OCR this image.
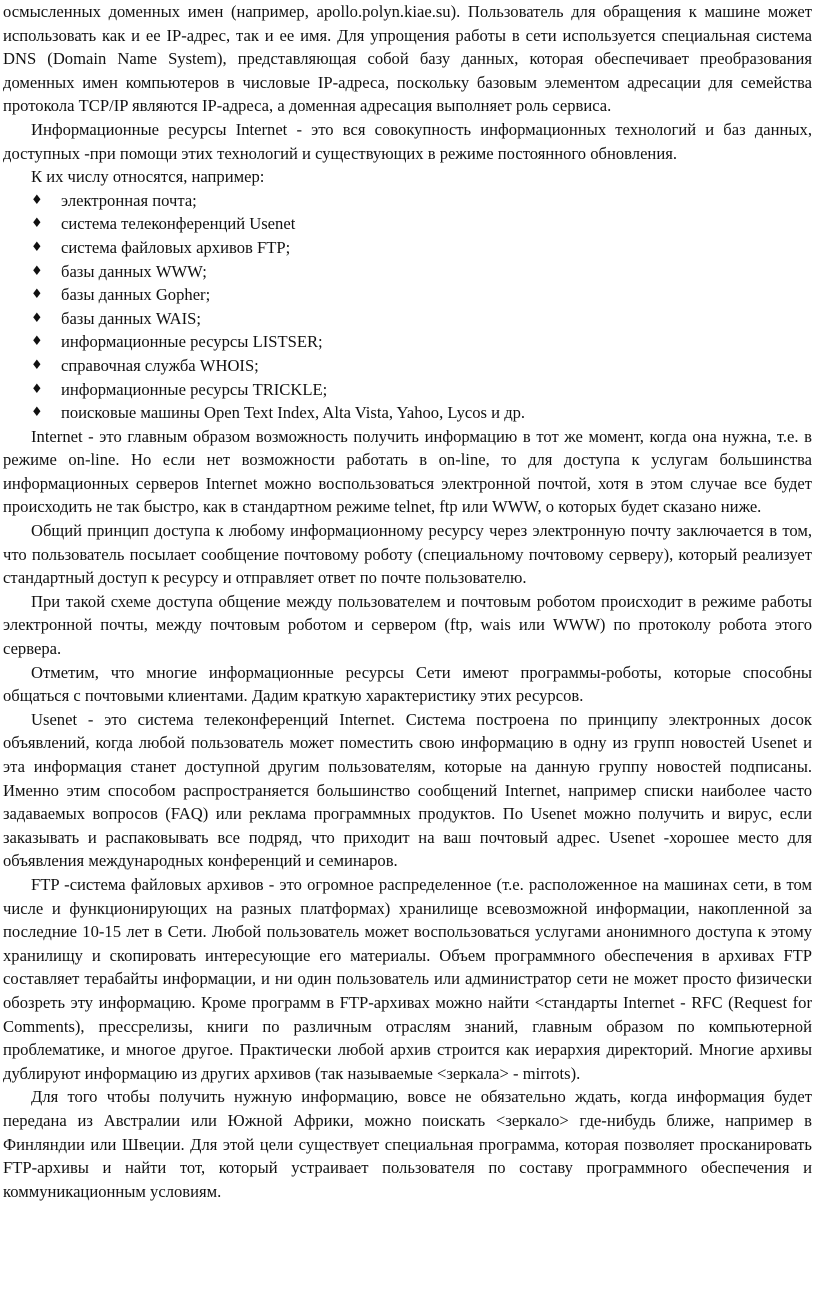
осмысленных доменных имен (например, apollo.polyn.kiae.su). Пользователь для обращения к машине может использовать как и ее IP-адрес, так и ее имя. Для упрощения работы в сети используется специальная система DNS (Domain Name System), представляющая собой базу данных, которая обеспечивает преобразования доменных имен компьютеров в числовые IP-адреса, поскольку базовым элементом адресации для семейства протокола TCP/IP являются IP-адреса, а доменная адресация выполняет роль сервиса.

Информационные ресурсы Internet - это вся совокупность информационных технологий и баз данных, доступных -при помощи этих технологий и существующих в режиме постоянного обновления.

К их числу относятся, например:

♦ электронная почта;
♦ система телеконференций Usenet
♦ система файловых архивов FTP;
♦ базы данных WWW;
♦ базы данных Gopher;
♦ базы данных WAIS;
♦ информационные ресурсы LISTSER;
♦ справочная служба WHOIS;
♦ информационные ресурсы TRICKLE;
♦ поисковые машины Open Text Index, Alta Vista, Yahoo, Lycos и др.

Internet - это главным образом возможность получить информацию в тот же момент, когда она нужна, т.е. в режиме on-line. Но если нет возможности работать в on-line, то для доступа к услугам большинства информационных серверов Internet можно воспользоваться электронной почтой, хотя в этом случае все будет происходить не так быстро, как в стандартном режиме telnet, ftp или WWW, о которых будет сказано ниже.

Общий принцип доступа к любому информационному ресурсу через электронную почту заключается в том, что пользователь посылает сообщение почтовому роботу (специальному почтовому серверу), который реализует стандартный доступ к ресурсу и отправляет ответ по почте пользователю.

При такой схеме доступа общение между пользователем и почтовым роботом происходит в режиме работы электронной почты, между почтовым роботом и сервером (ftp, wais или WWW) по протоколу робота этого сервера.

Отметим, что многие информационные ресурсы Сети имеют программы-роботы, которые способны общаться с почтовыми клиентами. Дадим краткую характеристику этих ресурсов.

Usenet - это система телеконференций Internet. Система построена по принципу электронных досок объявлений, когда любой пользователь может поместить свою информацию в одну из групп новостей Usenet и эта информация станет доступной другим пользователям, которые на данную группу новостей подписаны. Именно этим способом распространяется большинство сообщений Internet, например списки наиболее часто задаваемых вопросов (FAQ) или реклама программных продуктов. По Usenet можно получить и вирус, если заказывать и распаковывать все подряд, что приходит на ваш почтовый адрес. Usenet -хорошее место для объявления международных конференций и семинаров.

FTP -система файловых архивов - это огромное распределенное (т.е. расположенное на машинах сети, в том числе и функционирующих на разных платформах) хранилище всевозможной информации, накопленной за последние 10-15 лет в Сети. Любой пользователь может воспользоваться услугами анонимного доступа к этому хранилищу и скопировать интересующие его материалы. Объем программного обеспечения в архивах FTP составляет терабайты информации, и ни один пользователь или администратор сети не может просто физически обозреть эту информацию. Кроме программ в FTP-архивах можно найти <стандарты Internet - RFC (Request for Comments), прессрелизы, книги по различным отраслям знаний, главным образом по компьютерной проблематике, и многое другое. Практически любой архив строится как иерархия директорий. Многие архивы дублируют информацию из других архивов (так называемые <зеркала> - mirrots).

Для того чтобы получить нужную информацию, вовсе не обязательно ждать, когда информация будет передана из Австралии или Южной Африки, можно поискать <зеркало> где-нибудь ближе, например в Финляндии или Швеции. Для этой цели существует специальная программа, которая позволяет просканировать FTP-архивы и найти тот, который устраивает пользователя по составу программного обеспечения и коммуникационным условиям.
